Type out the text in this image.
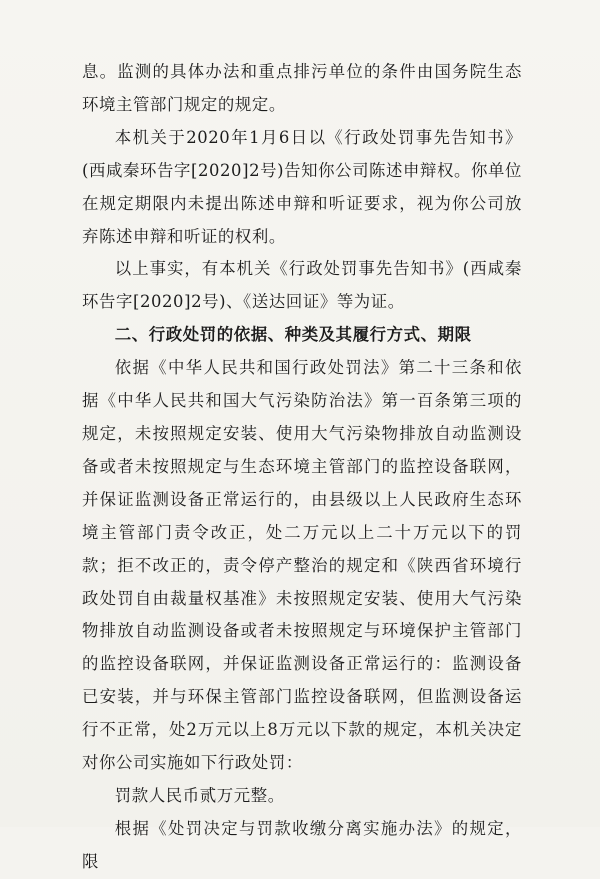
息。监测的具体办法和重点排污单位的条件由国务院生态环境主管部门规定的规定。

本机关于2020年1月6日以《行政处罚事先告知书》(西咸秦环告字[2020]2号)告知你公司陈述申辩权。你单位在规定期限内未提出陈述申辩和听证要求，视为你公司放弃陈述申辩和听证的权利。

以上事实，有本机关《行政处罚事先告知书》(西咸秦环告字[2020]2号)、《送达回证》等为证。

二、行政处罚的依据、种类及其履行方式、期限

依据《中华人民共和国行政处罚法》第二十三条和依据《中华人民共和国大气污染防治法》第一百条第三项的规定，未按照规定安装、使用大气污染物排放自动监测设备或者未按照规定与生态环境主管部门的监控设备联网，并保证监测设备正常运行的，由县级以上人民政府生态环境主管部门责令改正，处二万元以上二十万元以下的罚款；拒不改正的，责令停产整治的规定和《陕西省环境行政处罚自由裁量权基准》未按照规定安装、使用大气污染物排放自动监测设备或者未按照规定与环境保护主管部门的监控设备联网，并保证监测设备正常运行的：监测设备已安装，并与环保主管部门监控设备联网，但监测设备运行不正常，处2万元以上8万元以下款的规定，本机关决定对你公司实施如下行政处罚：

罚款人民币贰万元整。

根据《处罚决定与罚款收缴分离实施办法》的规定，限
